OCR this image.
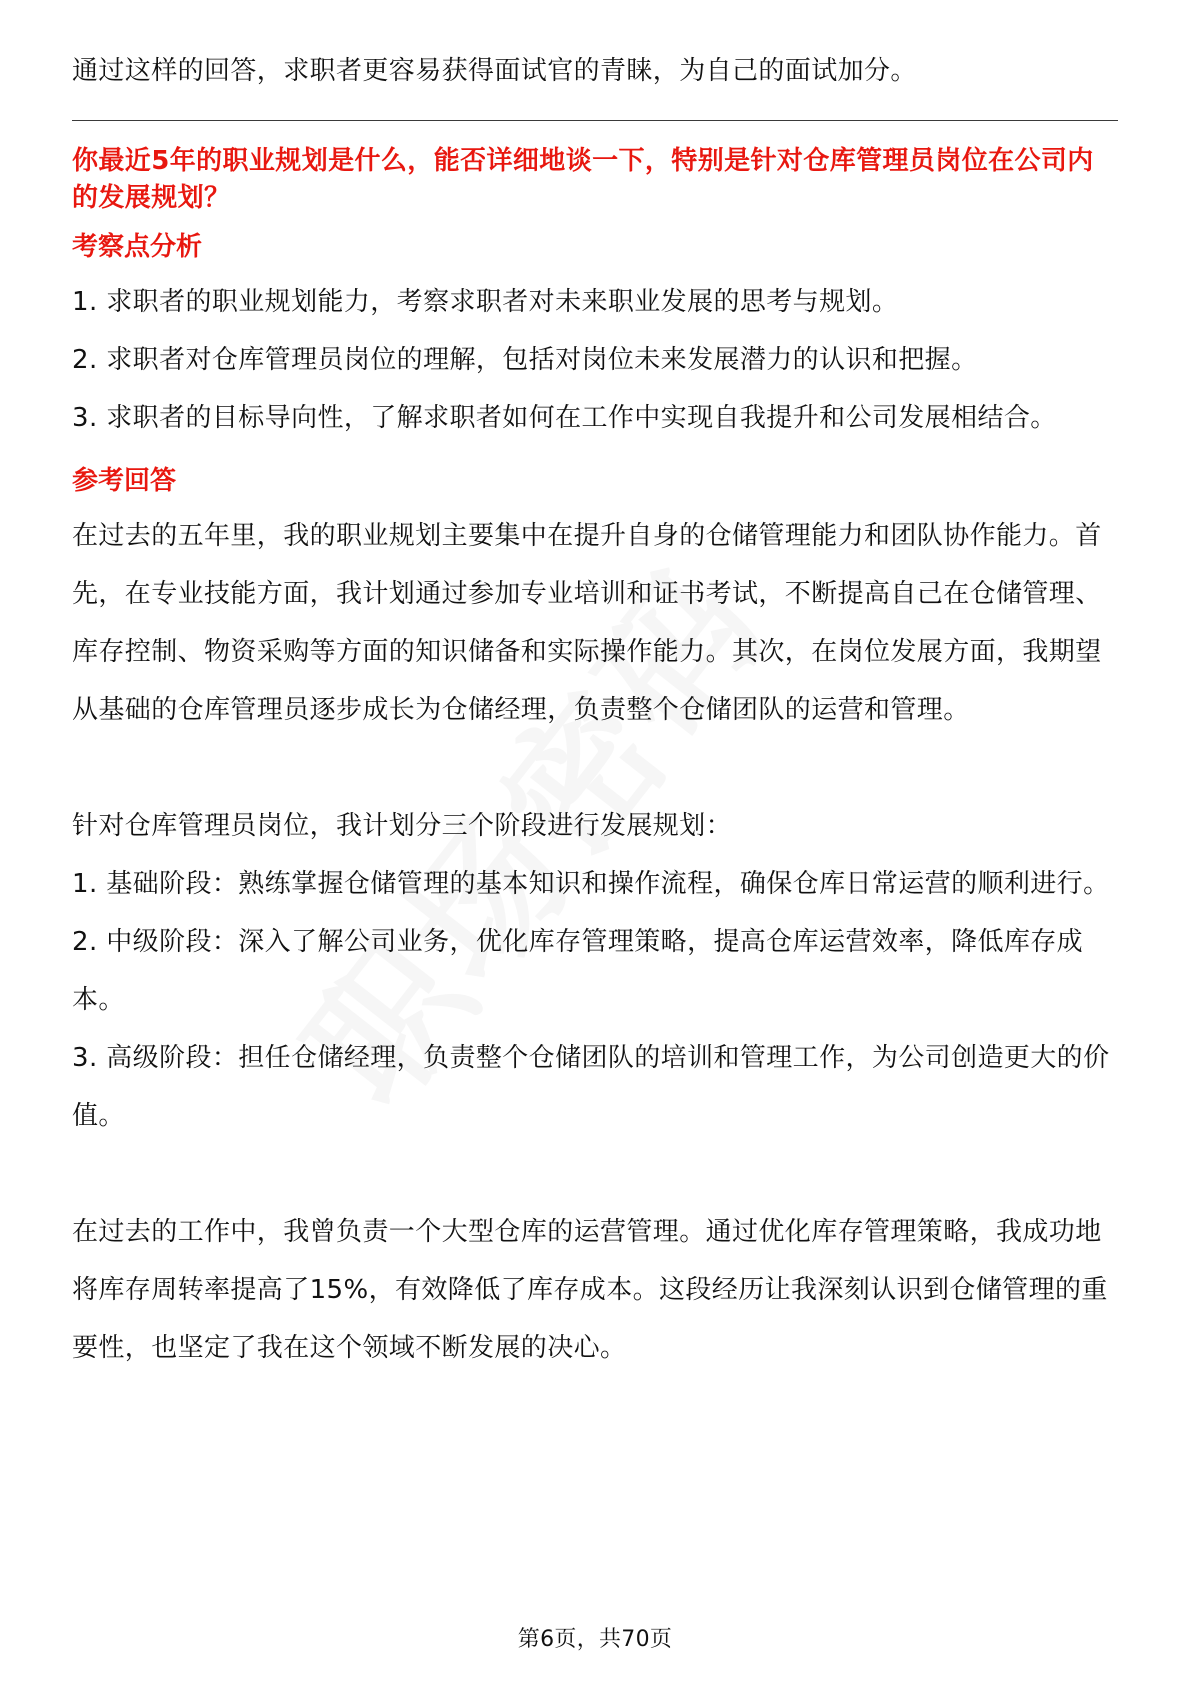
通过这样的回答，求职者更容易获得面试官的青睐，为自己的面试加分。

你最近5年的职业规划是什么，能否详细地谈一下，特别是针对仓库管理员岗位在公司内的发展规划？

考察点分析

1. 求职者的职业规划能力，考察求职者对未来职业发展的思考与规划。

2. 求职者对仓库管理员岗位的理解，包括对岗位未来发展潜力的认识和把握。

3. 求职者的目标导向性，了解求职者如何在工作中实现自我提升和公司发展相结合。

参考回答

在过去的五年里，我的职业规划主要集中在提升自身的仓储管理能力和团队协作能力。首先，在专业技能方面，我计划通过参加专业培训和证书考试，不断提高自己在仓储管理、库存控制、物资采购等方面的知识储备和实际操作能力。其次，在岗位发展方面，我期望从基础的仓库管理员逐步成长为仓储经理，负责整个仓储团队的运营和管理。

针对仓库管理员岗位，我计划分三个阶段进行发展规划：

1. 基础阶段：熟练掌握仓储管理的基本知识和操作流程，确保仓库日常运营的顺利进行。

2. 中级阶段：深入了解公司业务，优化库存管理策略，提高仓库运营效率，降低库存成本。

3. 高级阶段：担任仓储经理，负责整个仓储团队的培训和管理工作，为公司创造更大的价值。

在过去的工作中，我曾负责一个大型仓库的运营管理。通过优化库存管理策略，我成功地将库存周转率提高了15%，有效降低了库存成本。这段经历让我深刻认识到仓储管理的重要性，也坚定了我在这个领域不断发展的决心。

第6页，共70页
